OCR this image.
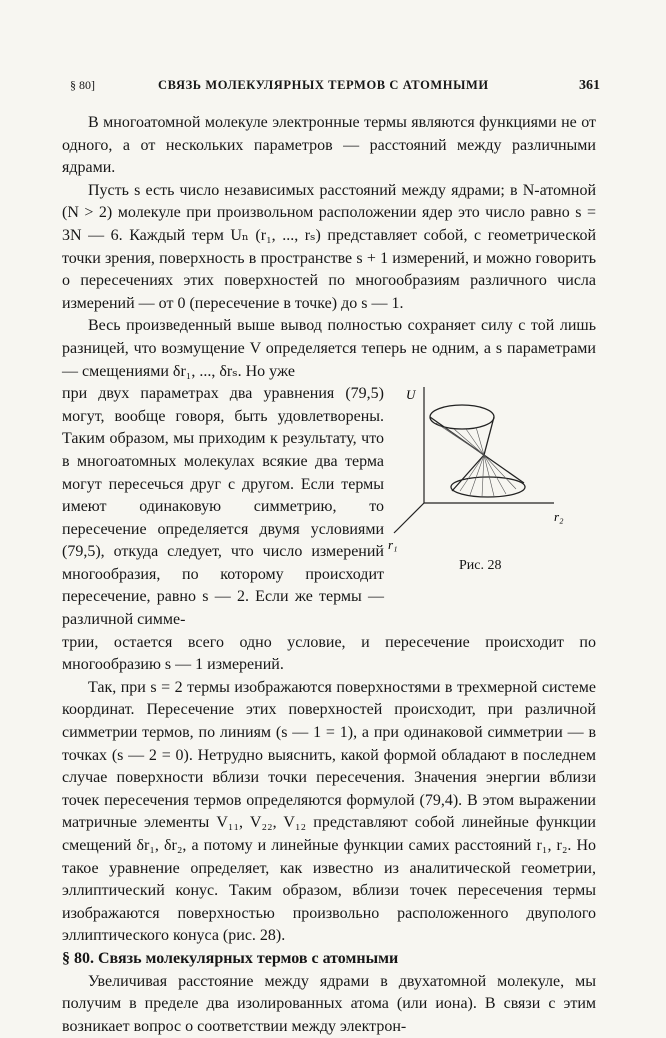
§ 80]	СВЯЗЬ МОЛЕКУЛЯРНЫХ ТЕРМОВ С АТОМНЫМИ	361

В многоатомной молекуле электронные термы являются функциями не от одного, а от нескольких параметров — расстояний между различными ядрами.

Пусть s есть число независимых расстояний между ядрами; в N-атомной (N > 2) молекуле при произвольном расположении ядер это число равно s = 3N — 6. Каждый терм Uₙ (r₁, ..., rₛ) представляет собой, с геометрической точки зрения, поверхность в пространстве s + 1 измерений, и можно говорить о пересечениях этих поверхностей по многообразиям различного числа измерений — от 0 (пересечение в точке) до s — 1.

Весь произведенный выше вывод полностью сохраняет силу с той лишь разницей, что возмущение V определяется теперь не одним, а s параметрами — смещениями δr₁, ..., δrₛ. Но уже

при двух параметрах два уравнения (79,5) могут, вообще говоря, быть удовлетворены. Таким образом, мы приходим к результату, что в многоатомных молекулах всякие два терма могут пересечься друг с другом. Если термы имеют одинаковую симметрию, то пересечение определяется двумя условиями (79,5), откуда следует, что число измерений многообразия, по которому происходит пересечение, равно s — 2. Если же термы — различной симме-

U
r₂
r₁
Рис. 28

трии, остается всего одно условие, и пересечение происходит по многообразию s — 1 измерений.

Так, при s = 2 термы изображаются поверхностями в трехмерной системе координат. Пересечение этих поверхностей происходит, при различной симметрии термов, по линиям (s — 1 = 1), а при одинаковой симметрии — в точках (s — 2 = 0). Нетрудно выяснить, какой формой обладают в последнем случае поверхности вблизи точки пересечения. Значения энергии вблизи точек пересечения термов определяются формулой (79,4). В этом выражении матричные элементы V₁₁, V₂₂, V₁₂ представляют собой линейные функции смещений δr₁, δr₂, а потому и линейные функции самих расстояний r₁, r₂. Но такое уравнение определяет, как известно из аналитической геометрии, эллиптический конус. Таким образом, вблизи точек пересечения термы изображаются поверхностью произвольно расположенного двуполого эллиптического конуса (рис. 28).

§ 80. Связь молекулярных термов с атомными

Увеличивая расстояние между ядрами в двухатомной молекуле, мы получим в пределе два изолированных атома (или иона). В связи с этим возникает вопрос о соответствии между электрон-
